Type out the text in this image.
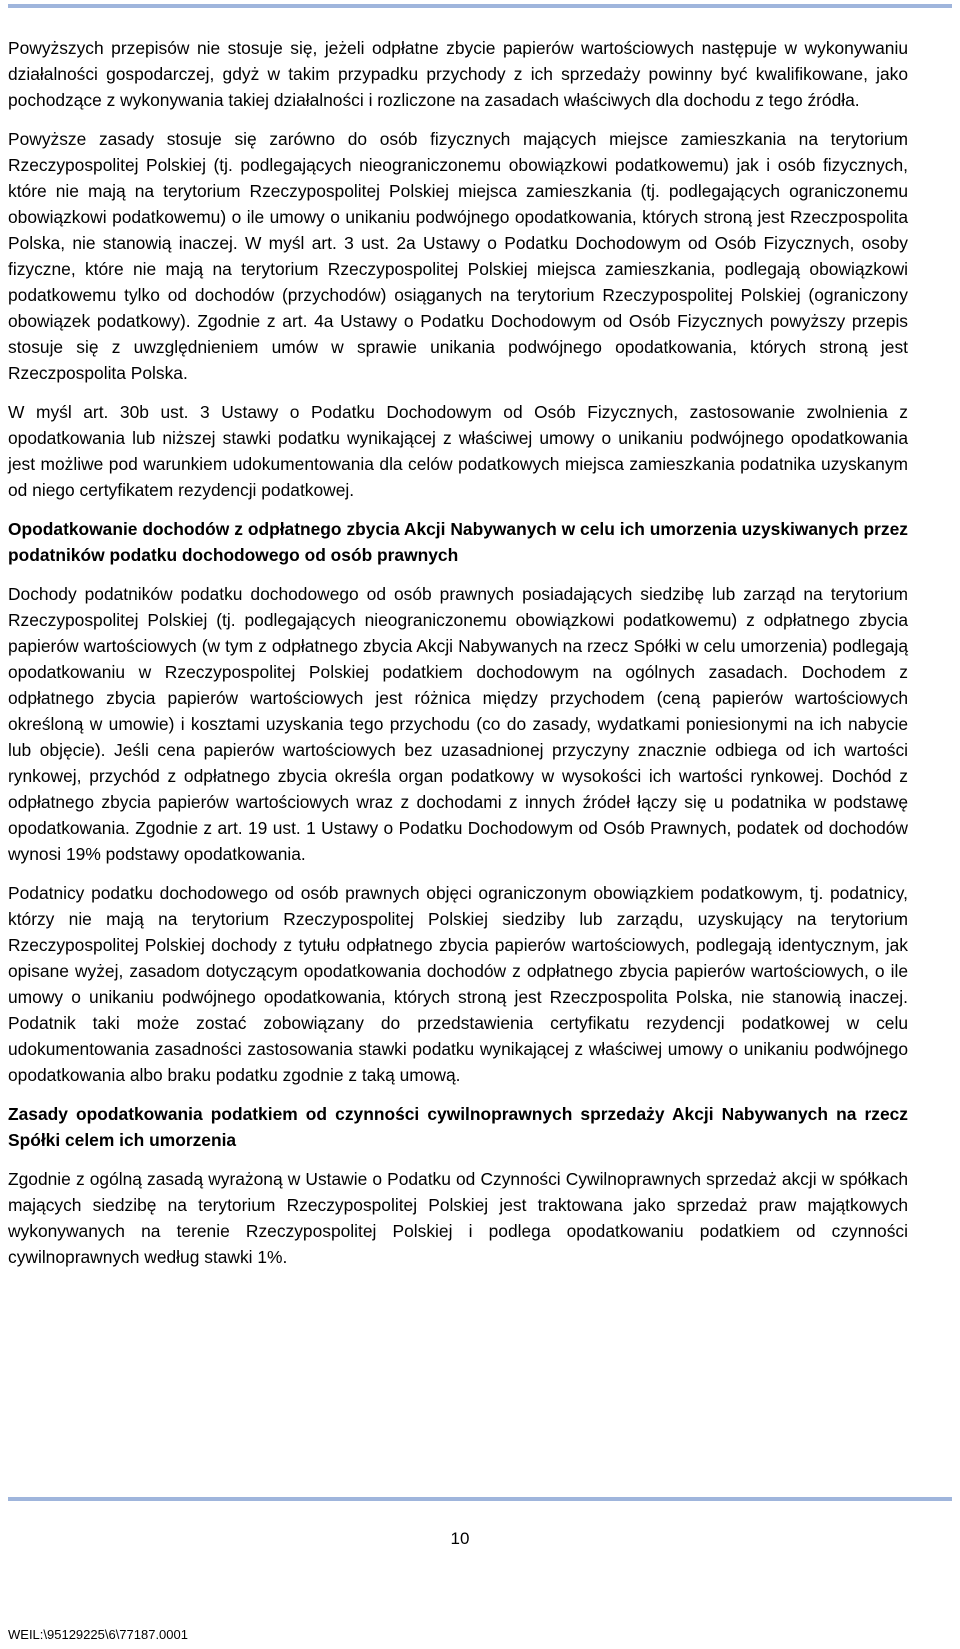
Powyższych przepisów nie stosuje się, jeżeli odpłatne zbycie papierów wartościowych następuje w wykonywaniu działalności gospodarczej, gdyż w takim przypadku przychody z ich sprzedaży powinny być kwalifikowane, jako pochodzące z wykonywania takiej działalności i rozliczone na zasadach właściwych dla dochodu z tego źródła.

Powyższe zasady stosuje się zarówno do osób fizycznych mających miejsce zamieszkania na terytorium Rzeczypospolitej Polskiej (tj. podlegających nieograniczonemu obowiązkowi podatkowemu) jak i osób fizycznych, które nie mają na terytorium Rzeczypospolitej Polskiej miejsca zamieszkania (tj. podlegających ograniczonemu obowiązkowi podatkowemu) o ile umowy o unikaniu podwójnego opodatkowania, których stroną jest Rzeczpospolita Polska, nie stanowią inaczej. W myśl art. 3 ust. 2a Ustawy o Podatku Dochodowym od Osób Fizycznych, osoby fizyczne, które nie mają na terytorium Rzeczypospolitej Polskiej miejsca zamieszkania, podlegają obowiązkowi podatkowemu tylko od dochodów (przychodów) osiąganych na terytorium Rzeczypospolitej Polskiej (ograniczony obowiązek podatkowy). Zgodnie z art. 4a Ustawy o Podatku Dochodowym od Osób Fizycznych powyższy przepis stosuje się z uwzględnieniem umów w sprawie unikania podwójnego opodatkowania, których stroną jest Rzeczpospolita Polska.

W myśl art. 30b ust. 3 Ustawy o Podatku Dochodowym od Osób Fizycznych, zastosowanie zwolnienia z opodatkowania lub niższej stawki podatku wynikającej z właściwej umowy o unikaniu podwójnego opodatkowania jest możliwe pod warunkiem udokumentowania dla celów podatkowych miejsca zamieszkania podatnika uzyskanym od niego certyfikatem rezydencji podatkowej.

Opodatkowanie dochodów z odpłatnego zbycia Akcji Nabywanych w celu ich umorzenia uzyskiwanych przez podatników podatku dochodowego od osób prawnych

Dochody podatników podatku dochodowego od osób prawnych posiadających siedzibę lub zarząd na terytorium Rzeczypospolitej Polskiej (tj. podlegających nieograniczonemu obowiązkowi podatkowemu) z odpłatnego zbycia papierów wartościowych (w tym z odpłatnego zbycia Akcji Nabywanych na rzecz Spółki w celu umorzenia) podlegają opodatkowaniu w Rzeczypospolitej Polskiej podatkiem dochodowym na ogólnych zasadach. Dochodem z odpłatnego zbycia papierów wartościowych jest różnica między przychodem (ceną papierów wartościowych określoną w umowie) i kosztami uzyskania tego przychodu (co do zasady, wydatkami poniesionymi na ich nabycie lub objęcie). Jeśli cena papierów wartościowych bez uzasadnionej przyczyny znacznie odbiega od ich wartości rynkowej, przychód z odpłatnego zbycia określa organ podatkowy w wysokości ich wartości rynkowej. Dochód z odpłatnego zbycia papierów wartościowych wraz z dochodami z innych źródeł łączy się u podatnika w podstawę opodatkowania. Zgodnie z art. 19 ust. 1 Ustawy o Podatku Dochodowym od Osób Prawnych, podatek od dochodów wynosi 19% podstawy opodatkowania.

Podatnicy podatku dochodowego od osób prawnych objęci ograniczonym obowiązkiem podatkowym, tj. podatnicy, którzy nie mają na terytorium Rzeczypospolitej Polskiej siedziby lub zarządu, uzyskujący na terytorium Rzeczypospolitej Polskiej dochody z tytułu odpłatnego zbycia papierów wartościowych, podlegają identycznym, jak opisane wyżej, zasadom dotyczącym opodatkowania dochodów z odpłatnego zbycia papierów wartościowych, o ile umowy o unikaniu podwójnego opodatkowania, których stroną jest Rzeczpospolita Polska, nie stanowią inaczej. Podatnik taki może zostać zobowiązany do przedstawienia certyfikatu rezydencji podatkowej w celu udokumentowania zasadności zastosowania stawki podatku wynikającej z właściwej umowy o unikaniu podwójnego opodatkowania albo braku podatku zgodnie z taką umową.

Zasady opodatkowania podatkiem od czynności cywilnoprawnych sprzedaży Akcji Nabywanych na rzecz Spółki celem ich umorzenia

Zgodnie z ogólną zasadą wyrażoną w Ustawie o Podatku od Czynności Cywilnoprawnych sprzedaż akcji w spółkach mających siedzibę na terytorium Rzeczypospolitej Polskiej jest traktowana jako sprzedaż praw majątkowych wykonywanych na terenie Rzeczypospolitej Polskiej i podlega opodatkowaniu podatkiem od czynności cywilnoprawnych według stawki 1%.

10
WEIL:\95129225\6\77187.0001
